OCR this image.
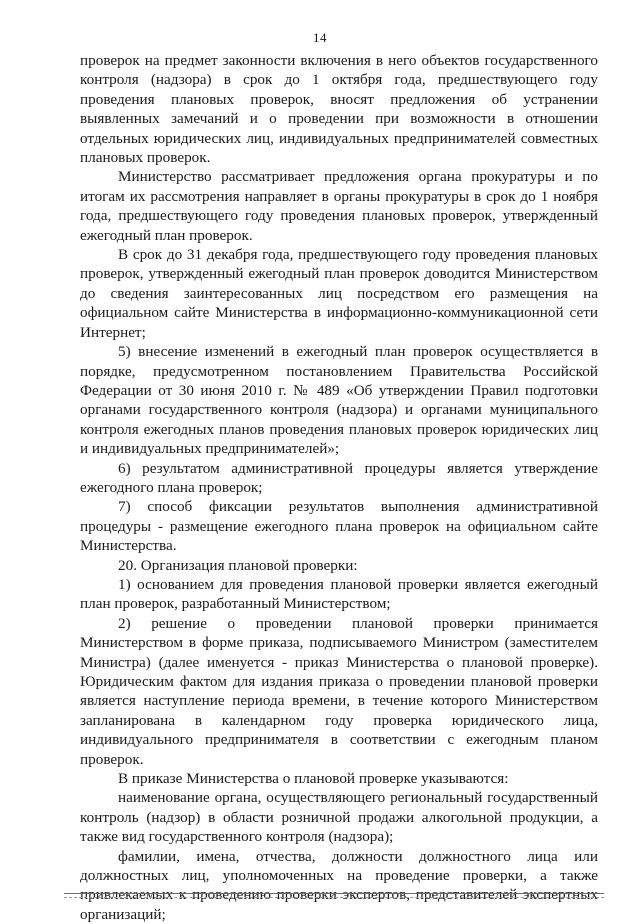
14

проверок на предмет законности включения в него объектов государственного контроля (надзора) в срок до 1 октября года, предшествующего году проведения плановых проверок, вносят предложения об устранении выявленных замечаний и о проведении при возможности в отношении отдельных юридических лиц, индивидуальных предпринимателей совместных плановых проверок.

Министерство рассматривает предложения органа прокуратуры и по итогам их рассмотрения направляет в органы прокуратуры в срок до 1 ноября года, предшествующего году проведения плановых проверок, утвержденный ежегодный план проверок.

В срок до 31 декабря года, предшествующего году проведения плановых проверок, утвержденный ежегодный план проверок доводится Министерством до сведения заинтересованных лиц посредством его размещения на официальном сайте Министерства в информационно-коммуникационной сети Интернет;

5) внесение изменений в ежегодный план проверок осуществляется в порядке, предусмотренном постановлением Правительства Российской Федерации от 30 июня 2010 г. № 489 «Об утверждении Правил подготовки органами государственного контроля (надзора) и органами муниципального контроля ежегодных планов проведения плановых проверок юридических лиц и индивидуальных предпринимателей»;

6) результатом административной процедуры является утверждение ежегодного плана проверок;

7) способ фиксации результатов выполнения административной процедуры - размещение ежегодного плана проверок на официальном сайте Министерства.

20. Организация плановой проверки:

1) основанием для проведения плановой проверки является ежегодный план проверок, разработанный Министерством;

2) решение о проведении плановой проверки принимается Министерством в форме приказа, подписываемого Министром (заместителем Министра) (далее именуется - приказ Министерства о плановой проверке). Юридическим фактом для издания приказа о проведении плановой проверки является наступление периода времени, в течение которого Министерством запланирована в календарном году проверка юридического лица, индивидуального предпринимателя в соответствии с ежегодным планом проверок.

В приказе Министерства о плановой проверке указываются:

наименование органа, осуществляющего региональный государственный контроль (надзор) в области розничной продажи алкогольной продукции, а также вид государственного контроля (надзора);

фамилии, имена, отчества, должности должностного лица или должностных лиц, уполномоченных на проведение проверки, а также привлекаемых к проведению проверки экспертов, представителей экспертных организаций;
